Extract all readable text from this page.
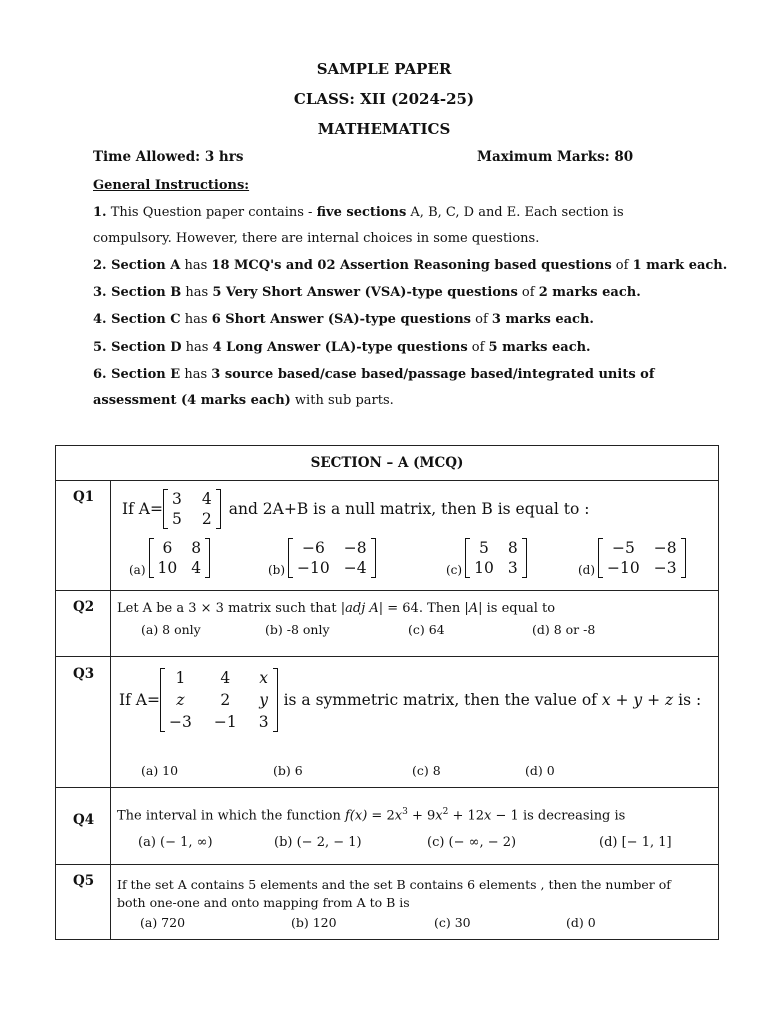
SAMPLE PAPER
CLASS: XII (2024-25)
MATHEMATICS
Time Allowed: 3 hrs	Maximum Marks: 80
General Instructions:
1. This Question paper contains - five sections A, B, C, D and E. Each section is
compulsory. However, there are internal choices in some questions.
2. Section A has 18 MCQ's and 02 Assertion Reasoning based questions of 1 mark each.
3. Section B has 5 Very Short Answer (VSA)-type questions of 2 marks each.
4. Section C has 6 Short Answer (SA)-type questions of 3 marks each.
5. Section D has 4 Long Answer (LA)-type questions of 5 marks each.
6. Section E has 3 source based/case based/passage based/integrated units of
assessment (4 marks each) with sub parts.
SECTION – A (MCQ)
Q1
If A=
3 4
5 2
and 2A+B is a null matrix, then B is equal to :
(a)
6	8
10 4	(b)
−6	−8
−10 −4	(c)
5	8
10 3	(d)
−5	−8
−10 −3
Q2 Let A be a 3 × 3 matrix such that |adj A| = 64. Then |A| is equal to
(a) 8 only	(b) -8 only	(c) 64	(d) 8 or -8
Q3
If A=
1	4	x
z	2	y
−3 −1 3
is a symmetric matrix, then the value of x + y + z is :
(a) 10	(b) 6	(c) 8	(d) 0
Q4 The interval in which the function $f(x) = 2x^3 + 9x^2 + 12x - 1$ is decreasing is
(a) (− 1, ∞)	(b) (− 2, − 1)	(c) (− ∞, − 2)	(d) [− 1, 1]
Q5 If the set A contains 5 elements and the set B contains 6 elements , then the number of
both one-one and onto mapping from A to B is
(a) 720	(b) 120	(c) 30	(d) 0
